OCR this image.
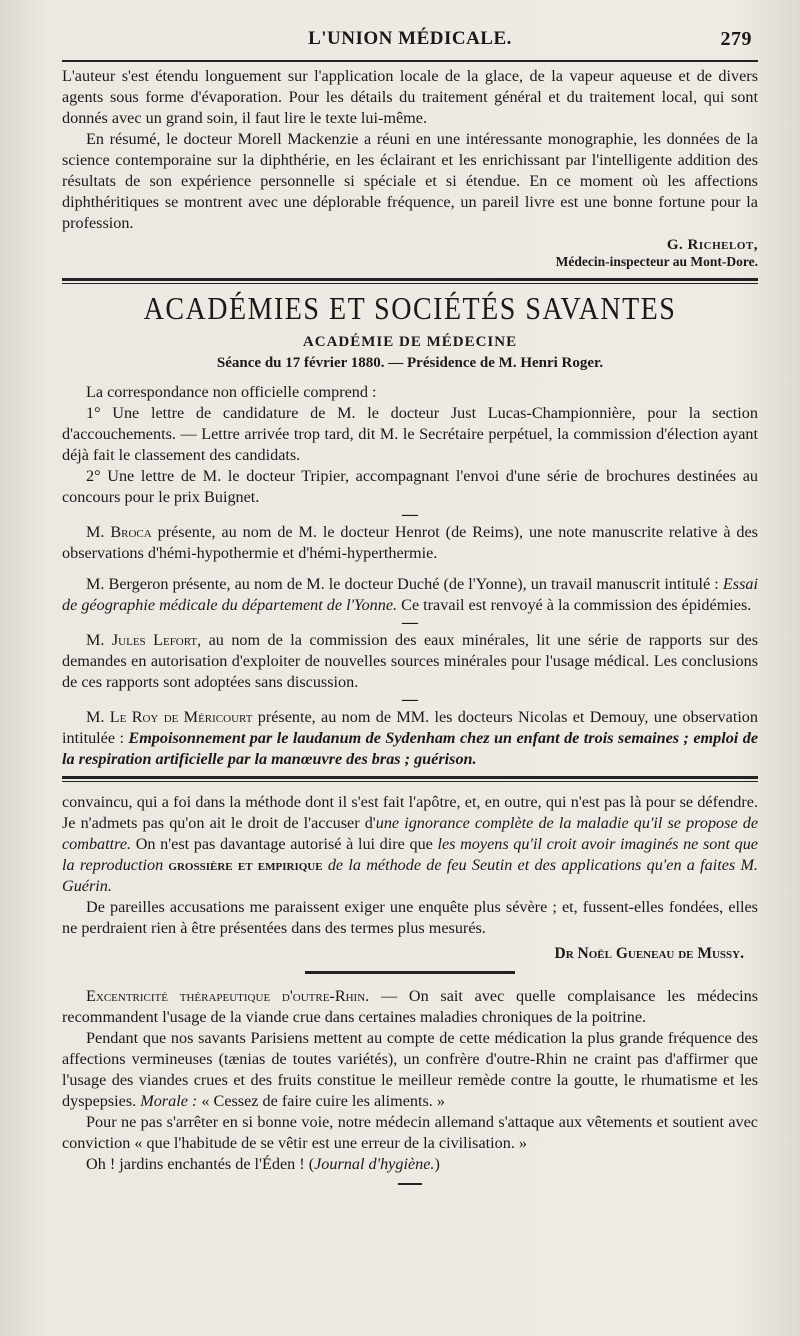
L'UNION MÉDICALE.	279

L'auteur s'est étendu longuement sur l'application locale de la glace, de la vapeur aqueuse et de divers agents sous forme d'évaporation. Pour les détails du traitement général et du traitement local, qui sont donnés avec un grand soin, il faut lire le texte lui-même.

En résumé, le docteur Morell Mackenzie a réuni en une intéressante monographie, les données de la science contemporaine sur la diphthérie, en les éclairant et les enrichissant par l'intelligente addition des résultats de son expérience personnelle si spéciale et si étendue. En ce moment où les affections diphthéritiques se montrent avec une déplorable fréquence, un pareil livre est une bonne fortune pour la profession.

G. Richelot,
Médecin-inspecteur au Mont-Dore.
ACADÉMIES ET SOCIÉTÉS SAVANTES
ACADÉMIE DE MÉDECINE
Séance du 17 février 1880. — Présidence de M. Henri Roger.

La correspondance non officielle comprend :

1° Une lettre de candidature de M. le docteur Just Lucas-Championnière, pour la section d'accouchements. — Lettre arrivée trop tard, dit M. le Secrétaire perpétuel, la commission d'élection ayant déjà fait le classement des candidats.

2° Une lettre de M. le docteur Tripier, accompagnant l'envoi d'une série de brochures destinées au concours pour le prix Buignet.

—

M. Broca présente, au nom de M. le docteur Henrot (de Reims), une note manuscrite relative à des observations d'hémi-hypothermie et d'hémi-hyperthermie.

M. Bergeron présente, au nom de M. le docteur Duché (de l'Yonne), un travail manuscrit intitulé : Essai de géographie médicale du département de l'Yonne. Ce travail est renvoyé à la commission des épidémies.

—

M. Jules Lefort, au nom de la commission des eaux minérales, lit une série de rapports sur des demandes en autorisation d'exploiter de nouvelles sources minérales pour l'usage médical. Les conclusions de ces rapports sont adoptées sans discussion.

—

M. Le Roy de Méricourt présente, au nom de MM. les docteurs Nicolas et Demouy, une observation intitulée : Empoisonnement par le laudanum de Sydenham chez un enfant de trois semaines ; emploi de la respiration artificielle par la manœuvre des bras ; guérison.

convaincu, qui a foi dans la méthode dont il s'est fait l'apôtre, et, en outre, qui n'est pas là pour se défendre. Je n'admets pas qu'on ait le droit de l'accuser d'une ignorance complète de la maladie qu'il se propose de combattre. On n'est pas davantage autorisé à lui dire que les moyens qu'il croit avoir imaginés ne sont que la reproduction grossière et empirique de la méthode de feu Seutin et des applications qu'en a faites M. Guérin.

De pareilles accusations me paraissent exiger une enquête plus sévère ; et, fussent-elles fondées, elles ne perdraient rien à être présentées dans des termes plus mesurés.

Dr Noël Gueneau de Mussy.

Excentricité thérapeutique d'outre-Rhin. — On sait avec quelle complaisance les médecins recommandent l'usage de la viande crue dans certaines maladies chroniques de la poitrine.

Pendant que nos savants Parisiens mettent au compte de cette médication la plus grande fréquence des affections vermineuses (tænias de toutes variétés), un confrère d'outre-Rhin ne craint pas d'affirmer que l'usage des viandes crues et des fruits constitue le meilleur remède contre la goutte, le rhumatisme et les dyspepsies. Morale : « Cessez de faire cuire les aliments. »

Pour ne pas s'arrêter en si bonne voie, notre médecin allemand s'attaque aux vêtements et soutient avec conviction « que l'habitude de se vêtir est une erreur de la civilisation. »

Oh ! jardins enchantés de l'Éden ! (Journal d'hygiène.)
